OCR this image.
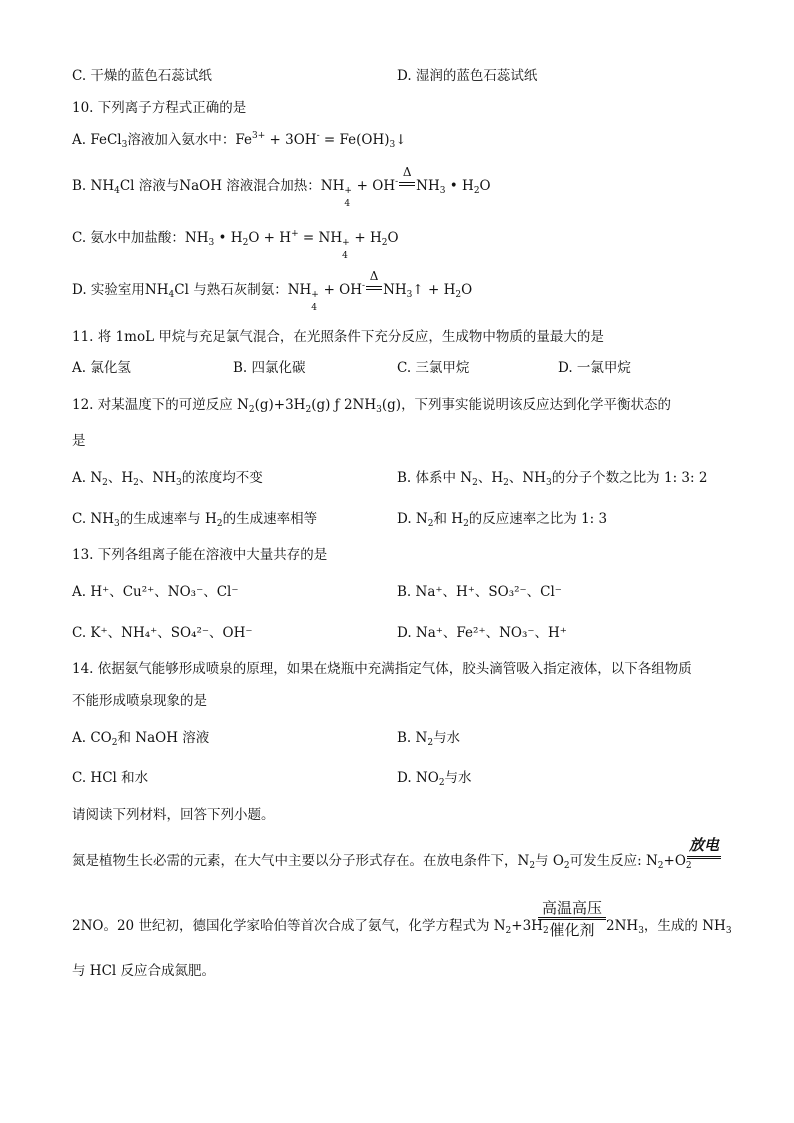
C. 干燥的蓝色石蕊试纸	D. 湿润的蓝色石蕊试纸
10. 下列离子方程式正确的是
A. FeCl$_3$溶液加入氨水中：$Fe^{3+} + 3OH^-$ = $Fe(OH)_3↓$
B. $NH_4Cl$ 溶液与NaOH 溶液混合加热：NH +
4
+ OH-
Δ
$NH_3$ • $H_2O$
C. 氨水中加盐酸：$NH_3$ • $H_2O + H^+$ = NH +
4
+ $H_2O$
D. 实验室用$NH_4Cl$ 与熟石灰制氨：NH +
4
+ OH-
Δ
$NH_3↑ + H_2O$
11. 将 1moL 甲烷与充足氯气混合，在光照条件下充分反应，生成物中物质的量最大的是
A. 氯化氢	B. 四氯化碳	C. 三氯甲烷	D. 一氯甲烷
12. 对某温度下的可逆反应 $N_2(g)+3H_2(g)$ ƒ $2NH_3(g)$，下列事实能说明该反应达到化学平衡状态的
是
A. $N_2$、$H_2$、$NH_3$的浓度均不变	B. 体系中 $N_2$、$H_2$、$NH_3$的分子个数之比为 1: 3: 2
C. $NH_3$的生成速率与 $H_2$的生成速率相等	D. $N_2$和 $H_2$的反应速率之比为 1: 3
13. 下列各组离子能在溶液中大量共存的是
A. H⁺、Cu²⁺、NO₃⁻、Cl⁻	B. Na⁺、H⁺、SO₃²⁻、Cl⁻
C. K⁺、NH₄⁺、SO₄²⁻、OH⁻	D. Na⁺、Fe²⁺、NO₃⁻、H⁺
14. 依据氨气能够形成喷泉的原理，如果在烧瓶中充满指定气体，胶头滴管吸入指定液体，以下各组物质
不能形成喷泉现象的是
A. $CO_2$和 NaOH 溶液	B. $N_2$与水
C. HCl 和水	D. $NO_2$与水
请阅读下列材料，回答下列小题。
氮是植物生长必需的元素，在大气中主要以分子形式存在。在放电条件下，$N_2$与 $O_2$可发生反应: $N_2+O_2$
放电
2NO。20 世纪初，德国化学家哈伯等首次合成了氨气，化学方程式为 $N_2+3H_2$
高温高压
催化剂 $2NH_3$，生成的 $NH_3$
与 HCl 反应合成氮肥。
